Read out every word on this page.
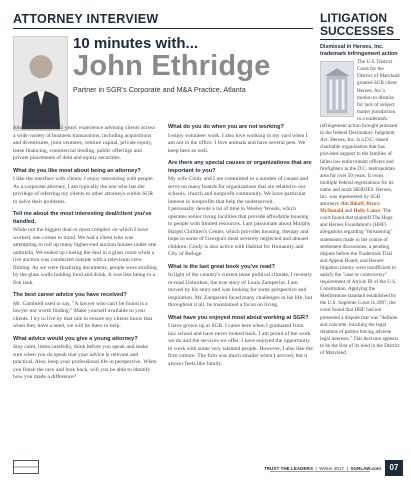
ATTORNEY INTERVIEW
10 minutes with...
John Ethridge
Partner in SGR's Corporate and M&A Practice, Atlanta
John has more than 25 years' experience advising clients across a wide variety of business transactions, including acquisitions and divestitures, joint ventures, venture capital, private equity, lease financing, commercial lending, public offerings and private placements of debt and equity securities.
What do you like most about being an attorney?
I like the interface with clients. I enjoy interacting with people. As a corporate attorney, I am typically the one who has the privilege of referring my clients to other attorneys within SGR to solve their problems.
Tell me about the most interesting deal/client you've handled.
While not the biggest deal or most complex on which I have worked, one comes to mind. We had a client who was attempting to roll up many higher-end auction houses under one umbrella. We ended up closing the deal in a glass room while a live auction was conducted outside with a television crew filming. As we were finalizing documents, people were strolling by the glass walls holding food and drink. It was like being in a fish tank.
The best career advice you have received?
Mr. Gambrell used to say, "A lawyer who can't be found is a lawyer not worth finding." Make yourself available to your clients. I try to live by that rule to ensure my clients know that when they have a need, we will be there to help.
What advice would you give a young attorney?
Stay calm, listen carefully, think before you speak and make sure when you do speak that your advice is relevant and practical. Also, keep your professional life in perspective. When you finish the race and look back, will you be able to identify how you made a difference?
What do you do when you are not working?
I enjoy volunteer work. I also love working in my yard when I am not in the office. I love animals and have several pets. We keep bees as well.
Are there any special causes or organizations that are important to you?
My wife Cindy and I are committed to a number of causes and serve on many boards for organizations that are related to our schools, church and nonprofit community. We have particular interest in nonprofits that help the underserved.
I personally devote a lot of time to Wesley Woods, which operates senior living facilities that provide affordable housing to people with limited resources. I am passionate about Murphy Harpst Children's Center, which provides housing, therapy and hope to some of Georgia's most severely neglected and abused children. Cindy is also active with Habitat for Humanity and City of Refuge.
What is the last great book you've read?
In light of the country's current tense political climate, I recently re-read Unbroken, the true story of Louis Zamperini. I am moved by his story and was looking for some perspective and inspiration. Mr. Zamperini faced many challenges in his life, but throughout it all, he maintained a focus on living.
What have you enjoyed most about working at SGR?
I have grown up at SGR. I came here when I graduated from law school and have never looked back. I am proud of the work we do and the services we offer. I have enjoyed the opportunity to work with some very talented people. However, I also like the firm culture. The firm was much smaller when I arrived, but it always feels like family.
LITIGATION SUCCESSES
Dismissal in Heroes, Inc. trademark infringement action
The U.S. District Court for the District of Maryland granted SGR client Heroes, Inc.'s motion to dismiss for lack of subject matter jurisdiction in a trademark infringement action brought pursuant to the federal Declaratory Judgment Act. Heroes, Inc. is a D.C.-based charitable organization that has provided support to the families of fallen law enforcement officers and firefighters in the D.C. metropolitan area for over 50 years. It owns multiple federal registrations for its name and mark HEROES. Heroes, Inc. was represented by SGR attorneys Jim Bikoff, Bruce McDonald and Holly Lance. The court found that plaintiff The Hogs and Heroes Foundation's (HHF) allegations regarding "threatening" statements made in the course of settlement discussions, a pending dispute before the Trademark Trial and Appeal Board, and Heroes' litigation history were insufficient to satisfy the "case or controversy" requirement of Article III of the U.S. Constitution. Applying the Medimmune standard established by the U.S. Supreme Court in 2007, the court found that HHF had not presented a dispute that was "definite and concrete, touching the legal relations of parties having adverse legal interests." This decision appears to be the first of its kind in the District of Maryland.
TRUST THE LEADERS  |  Winter 2017  |  SGRLAW.com	07
